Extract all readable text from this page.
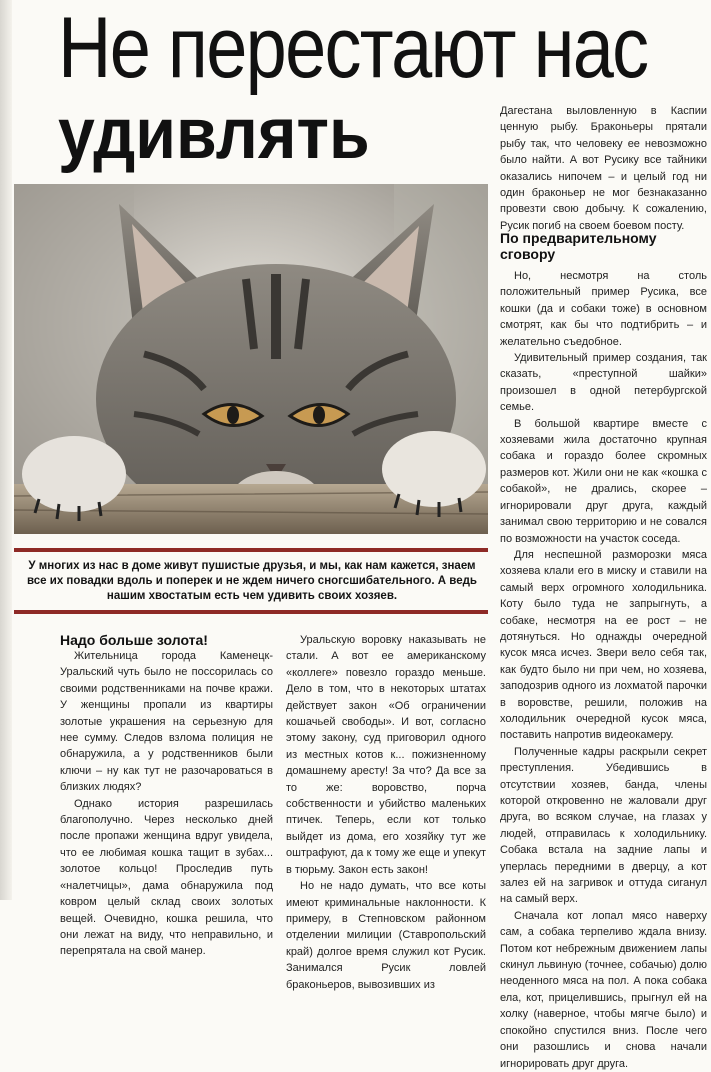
Не перестают нас
удивлять
У многих из нас в доме живут пушистые друзья, и мы, как нам кажется, знаем все их повадки вдоль и поперек и не ждем ничего сногсшибательного. А ведь нашим хвостатым есть чем удивить своих хозяев.
Надо больше золота!

Жительница города Каменецк-Уральский чуть было не поссорилась со своими родственниками на почве кражи. У женщины пропали из квартиры золотые украшения на серьезную для нее сумму. Следов взлома полиция не обнаружила, а у родственников были ключи – ну как тут не разочароваться в близких людях?

Однако история разрешилась благополучно. Через несколько дней после пропажи женщина вдруг увидела, что ее любимая кошка тащит в зубах... золотое кольцо! Проследив путь «налетчицы», дама обнаружила под ковром целый склад своих золотых вещей. Очевидно, кошка решила, что они лежат на виду, что неправильно, и перепрятала на свой манер.

Уральскую воровку наказывать не стали. А вот ее американскому «коллеге» повезло гораздо меньше. Дело в том, что в некоторых штатах действует закон «Об ограничении кошачьей свободы». И вот, согласно этому закону, суд приговорил одного из местных котов к... пожизненному домашнему аресту! За что? Да все за то же: воровство, порча собственности и убийство маленьких птичек. Теперь, если кот только выйдет из дома, его хозяйку тут же оштрафуют, да к тому же еще и упекут в тюрьму. Закон есть закон!

Но не надо думать, что все коты имеют криминальные наклонности. К примеру, в Степновском районном отделении милиции (Ставропольский край) долгое время служил кот Русик. Занимался Русик ловлей браконьеров, вывозивших из

Дагестана выловленную в Каспии ценную рыбу. Браконьеры прятали рыбу так, что человеку ее невозможно было найти. А вот Русику все тайники оказались нипочем – и целый год ни один браконьер не мог безнаказанно провезти свою добычу. К сожалению, Русик погиб на своем боевом посту.

По предварительному сговору

Но, несмотря на столь положительный пример Русика, все кошки (да и собаки тоже) в основном смотрят, как бы что подтибрить – и желательно съедобное.

Удивительный пример создания, так сказать, «преступной шайки» произошел в одной петербургской семье.

В большой квартире вместе с хозяевами жила достаточно крупная собака и гораздо более скромных размеров кот. Жили они не как «кошка с собакой», не дрались, скорее – игнорировали друг друга, каждый занимал свою территорию и не совался по возможности на участок соседа.

Для неспешной разморозки мяса хозяева клали его в миску и ставили на самый верх огромного холодильника. Коту было туда не запрыгнуть, а собаке, несмотря на ее рост – не дотянуться. Но однажды очередной кусок мяса исчез. Звери вело себя так, как будто было ни при чем, но хозяева, заподозрив одного из лохматой парочки в воровстве, решили, положив на холодильник очередной кусок мяса, поставить напротив видеокамеру.

Полученные кадры раскрыли секрет преступления. Убедившись в отсутствии хозяев, банда, члены которой откровенно не жаловали друг друга, во всяком случае, на глазах у людей, отправилась к холодильнику. Собака встала на задние лапы и уперлась передними в дверцу, а кот залез ей на загривок и оттуда сиганул на самый верх.

Сначала кот лопал мясо наверху сам, а собака терпеливо ждала внизу. Потом кот небрежным движением лапы скинул львиную (точнее, собачью) долю неоденного мяса на пол. А пока собака ела, кот, прицелившись, прыгнул ей на холку (наверное, чтобы мягче было) и спокойно спустился вниз. После чего они разошлись и снова начали игнорировать друг друга.
